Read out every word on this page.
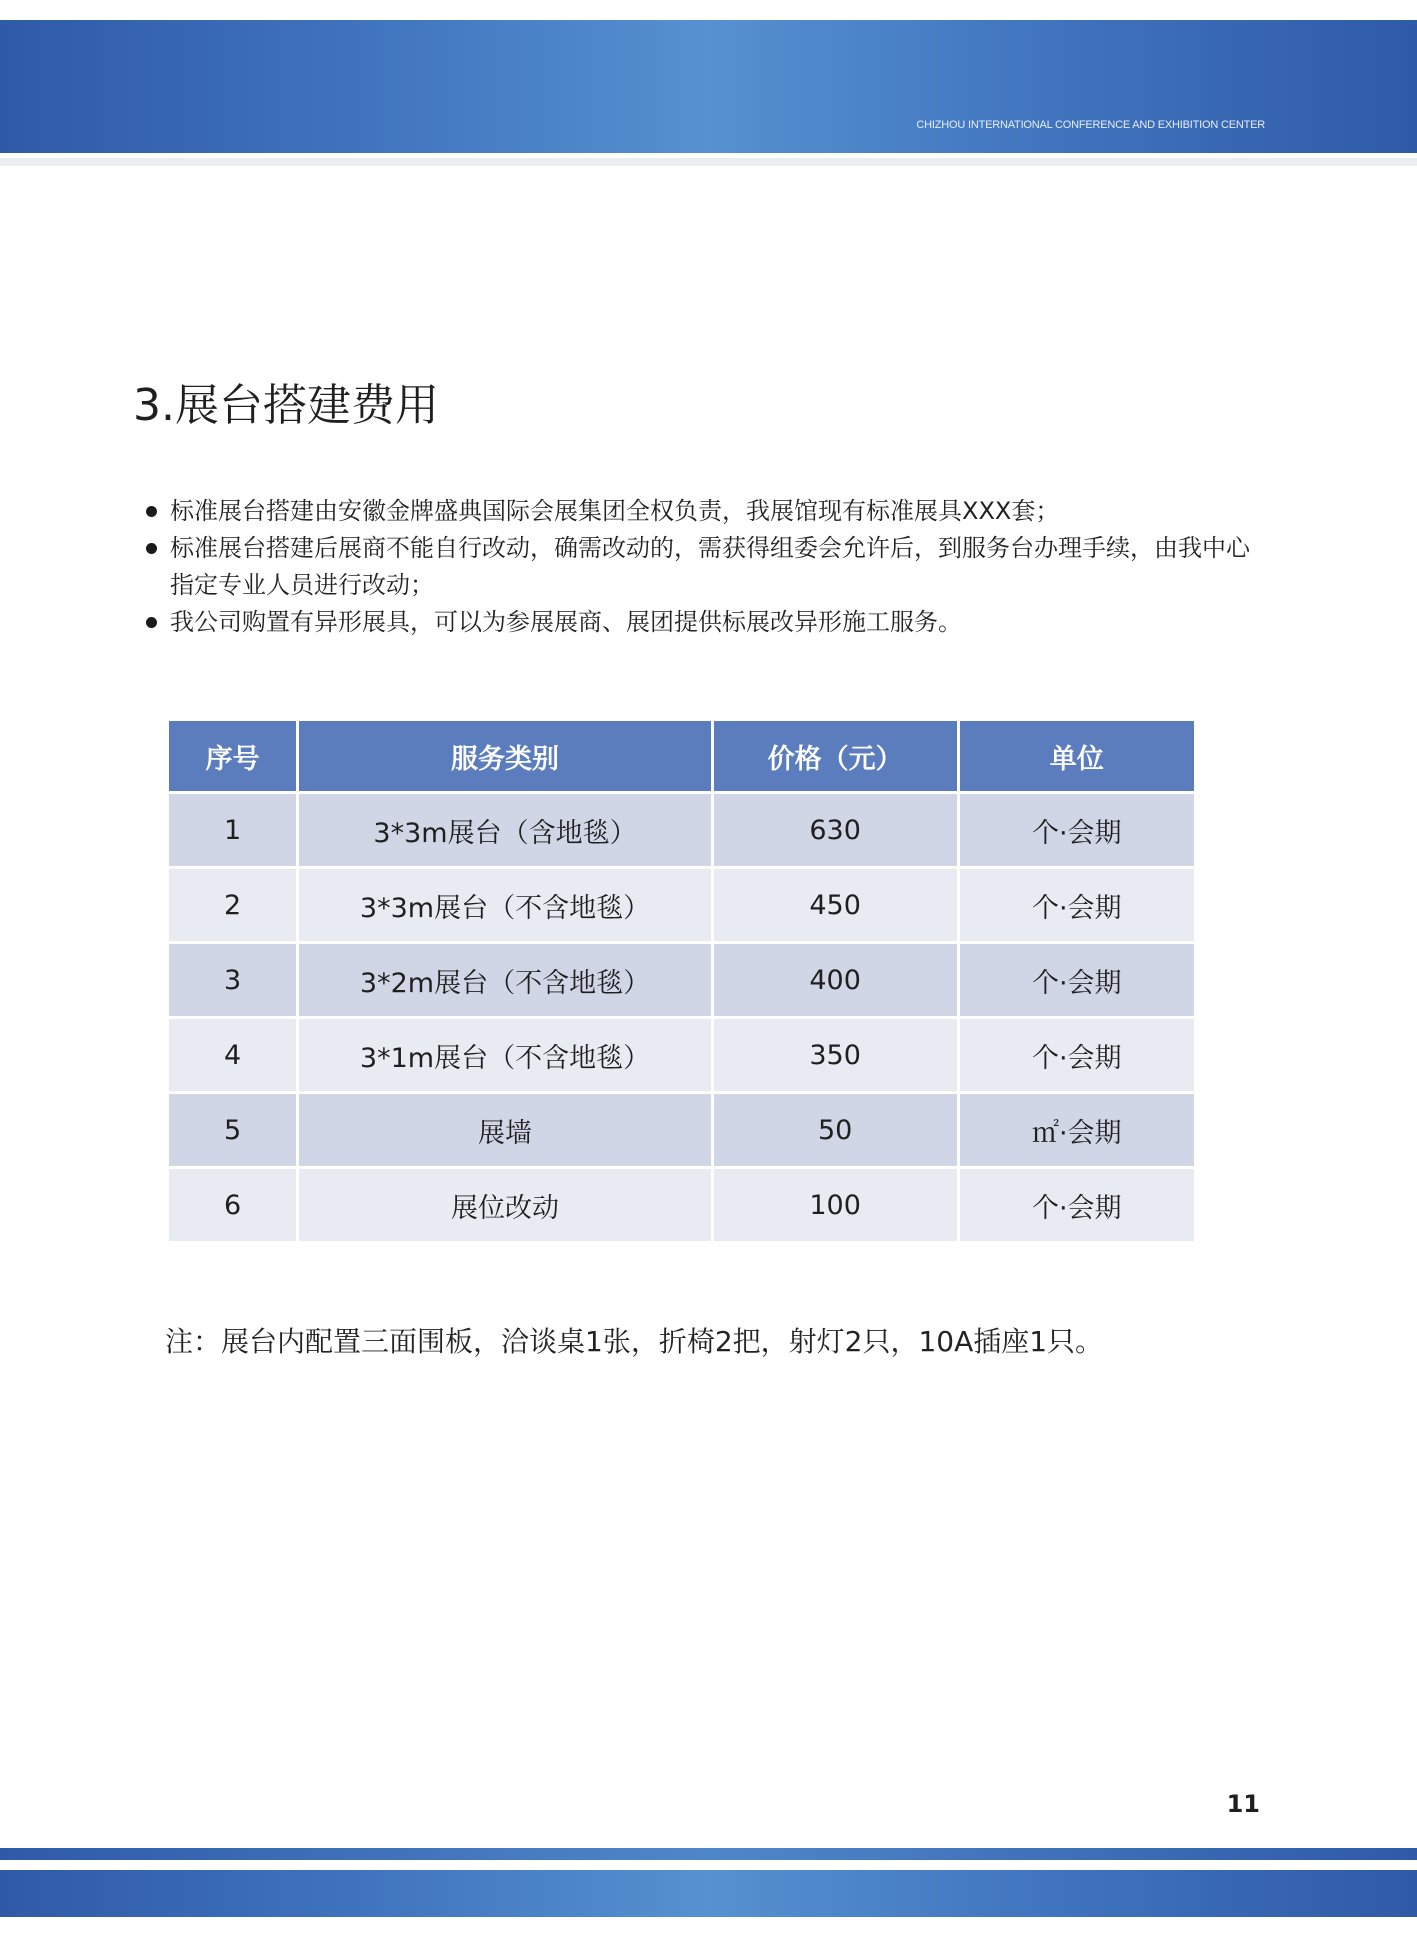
CHIZHOU INTERNATIONAL CONFERENCE AND EXHIBITION CENTER
3.展台搭建费用
标准展台搭建由安徽金牌盛典国际会展集团全权负责，我展馆现有标准展具XXX套；
标准展台搭建后展商不能自行改动，确需改动的，需获得组委会允许后，到服务台办理手续，由我中心指定专业人员进行改动；
我公司购置有异形展具，可以为参展展商、展团提供标展改异形施工服务。
序号	服务类别	价格（元）	单位
1	3*3m展台（含地毯）	630	个·会期
2	3*3m展台（不含地毯）	450	个·会期
3	3*2m展台（不含地毯）	400	个·会期
4	3*1m展台（不含地毯）	350	个·会期
5	展墙	50	㎡·会期
6	展位改动	100	个·会期

注：展台内配置三面围板，洽谈桌1张，折椅2把，射灯2只，10A插座1只。

11
